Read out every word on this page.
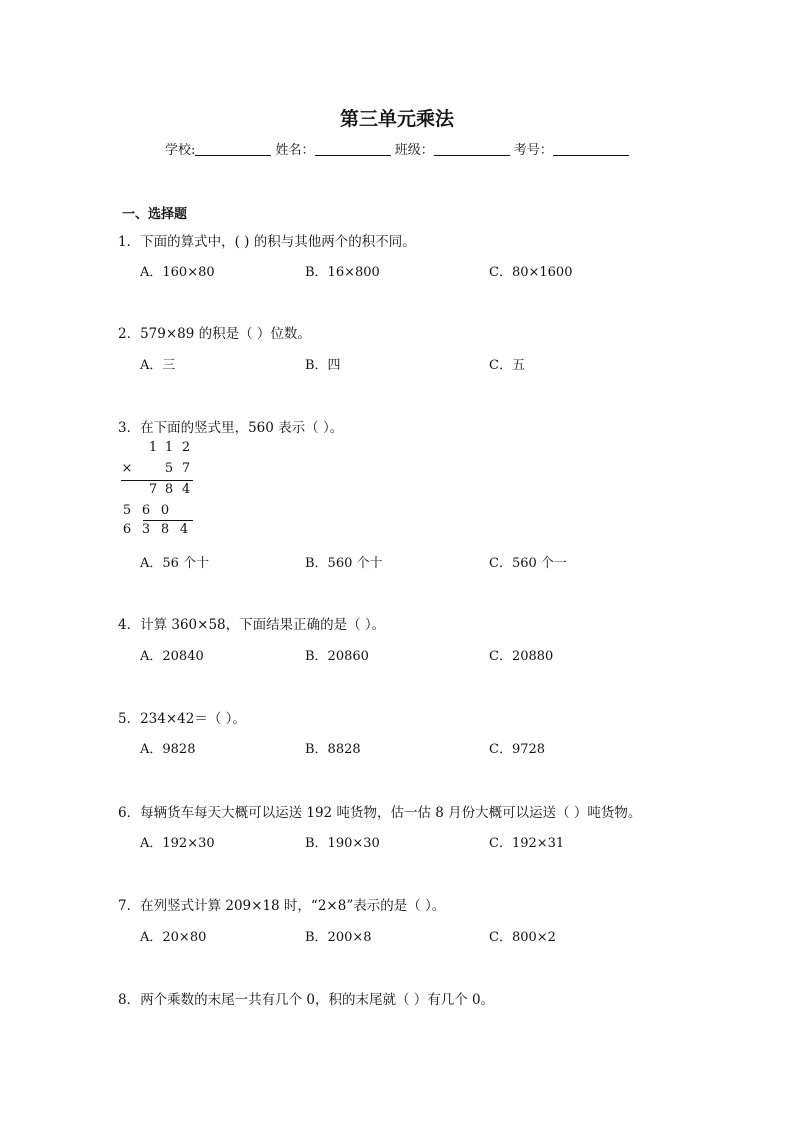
第三单元乘法
学校:	姓名：	班级：	考号：
一、选择题
1．下面的算式中，( ) 的积与其他两个的积不同。
A．160×80	B．16×800	C．80×1600
2．579×89 的积是（ ）位数。
A．三	B．四	C．五
3．在下面的竖式里，560 表示（ ）。
1 1 2
× 5 7
7 8 4
5 6 0
6 3 8 4
A．56 个十	B．560 个十	C．560 个一
4．计算 360×58，下面结果正确的是（ ）。
A．20840	B．20860	C．20880
5．234×42＝（ ）。
A．9828	B．8828	C．9728
6．每辆货车每天大概可以运送 192 吨货物，估一估 8 月份大概可以运送（ ）吨货物。
A．192×30	B．190×30	C．192×31
7．在列竖式计算 209×18 时，“2×8”表示的是（ ）。
A．20×80	B．200×8	C．800×2
8．两个乘数的末尾一共有几个 0，积的末尾就（ ）有几个 0。
